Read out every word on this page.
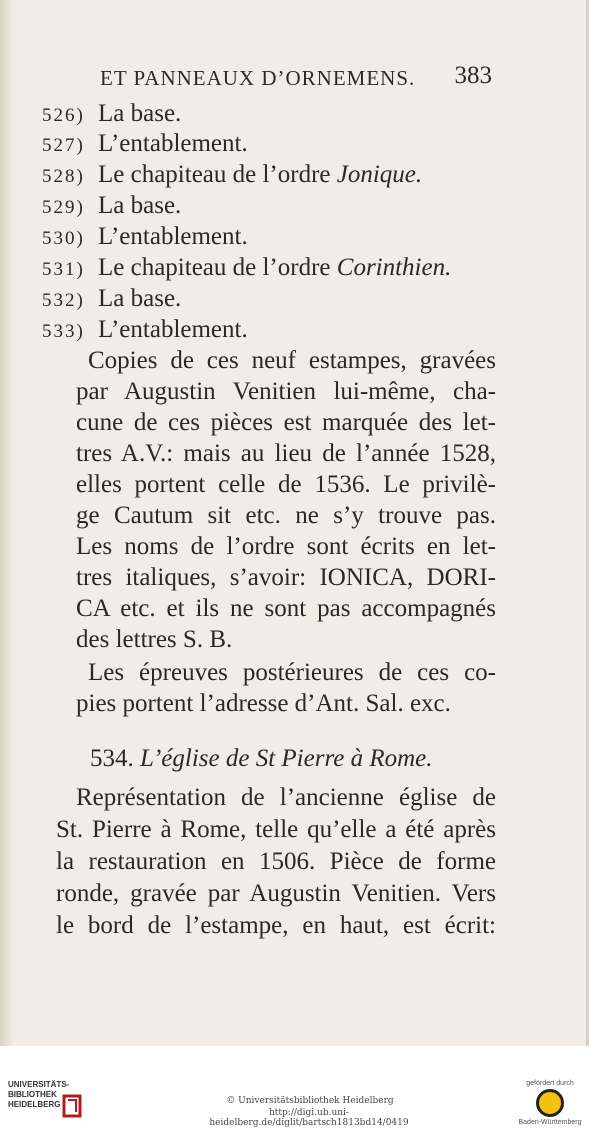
ET PANNEAUX D’ORNEMENS. 383
526) La base.
527) L’entablement.
528) Le chapiteau de l’ordre Jonique.
529) La base.
530) L’entablement.
531) Le chapiteau de l’ordre Corinthien.
532) La base.
533) L’entablement.
Copies de ces neuf estampes, gravées
par Augustin Venitien lui-même, cha-
cune de ces pièces est marquée des let-
tres A.V.: mais au lieu de l’année 1528,
elles portent celle de 1536. Le privilè-
ge Cautum sit etc. ne s’y trouve pas.
Les noms de l’ordre sont écrits en let-
tres italiques, s’avoir: IONICA, DORI-
CA etc. et ils ne sont pas accompagnés
des lettres S. B.
Les épreuves postérieures de ces co-
pies portent l’adresse d’Ant. Sal. exc.
534. L’église de St Pierre à Rome.
Représentation de l’ancienne église de
St. Pierre à Rome, telle qu’elle a été après
la restauration en 1506. Pièce de forme
ronde, gravée par Augustin Venitien. Vers
le bord de l’estampe, en haut, est écrit:
UNIVERSITÄTS-
BIBLIOTHEK
HEIDELBERG
gefördert durch
Baden-Württemberg
© Universitätsbibliothek Heidelberg
http://digi.ub.uni-heidelberg.de/diglit/bartsch1813bd14/0419
